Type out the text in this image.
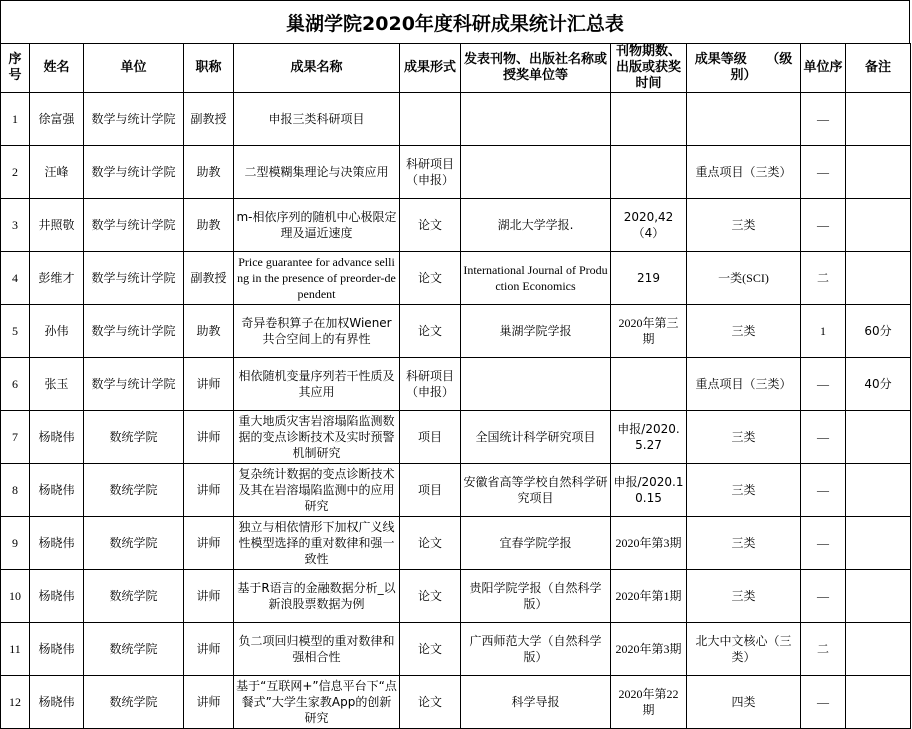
巢湖学院2020年度科研成果统计汇总表
序号	姓名	单位	职称	成果名称	成果形式	发表刊物、出版社名称或授奖单位等	刊物期数、出版或获奖时间	成果等级　　（级别）	单位序	备注
1	徐富强	数学与统计学院	副教授	申报三类科研项目					—	
2	汪峰	数学与统计学院	助教	二型模糊集理论与决策应用	科研项目（申报）			重点项目（三类）	—	
3	井照敬	数学与统计学院	助教	m-相依序列的随机中心极限定理及逼近速度	论文	湖北大学学报.	2020,42（4）	三类	—	
4	彭维才	数学与统计学院	副教授	Price guarantee for advance selling in the presence of preorder-dependent	论文	International Journal of Production Economics	219	一类(SCI)	二	
5	孙伟	数学与统计学院	助教	奇异卷积算子在加权Wiener共合空间上的有界性	论文	巢湖学院学报	2020年第三期	三类	1	60分
6	张玉	数学与统计学院	讲师	相依随机变量序列若干性质及其应用	科研项目（申报）			重点项目（三类）	—	40分
7	杨晓伟	数统学院	讲师	重大地质灾害岩溶塌陷监测数据的变点诊断技术及实时预警机制研究	项目	全国统计科学研究项目	申报/2020.5.27	三类	—	
8	杨晓伟	数统学院	讲师	复杂统计数据的变点诊断技术及其在岩溶塌陷监测中的应用研究	项目	安徽省高等学校自然科学研究项目	申报/2020.10.15	三类	—	
9	杨晓伟	数统学院	讲师	独立与相依情形下加权广义线性模型选择的重对数律和强一致性	论文	宜春学院学报	2020年第3期	三类	—	
10	杨晓伟	数统学院	讲师	基于R语言的金融数据分析_以新浪股票数据为例	论文	贵阳学院学报（自然科学版）	2020年第1期	三类	—	
11	杨晓伟	数统学院	讲师	负二项回归模型的重对数律和强相合性	论文	广西师范大学（自然科学版）	2020年第3期	北大中文核心（三类）	二	
12	杨晓伟	数统学院	讲师	基于“互联网+”信息平台下“点餐式”大学生家教App的创新研究	论文	科学导报	2020年第22期	四类	—	
